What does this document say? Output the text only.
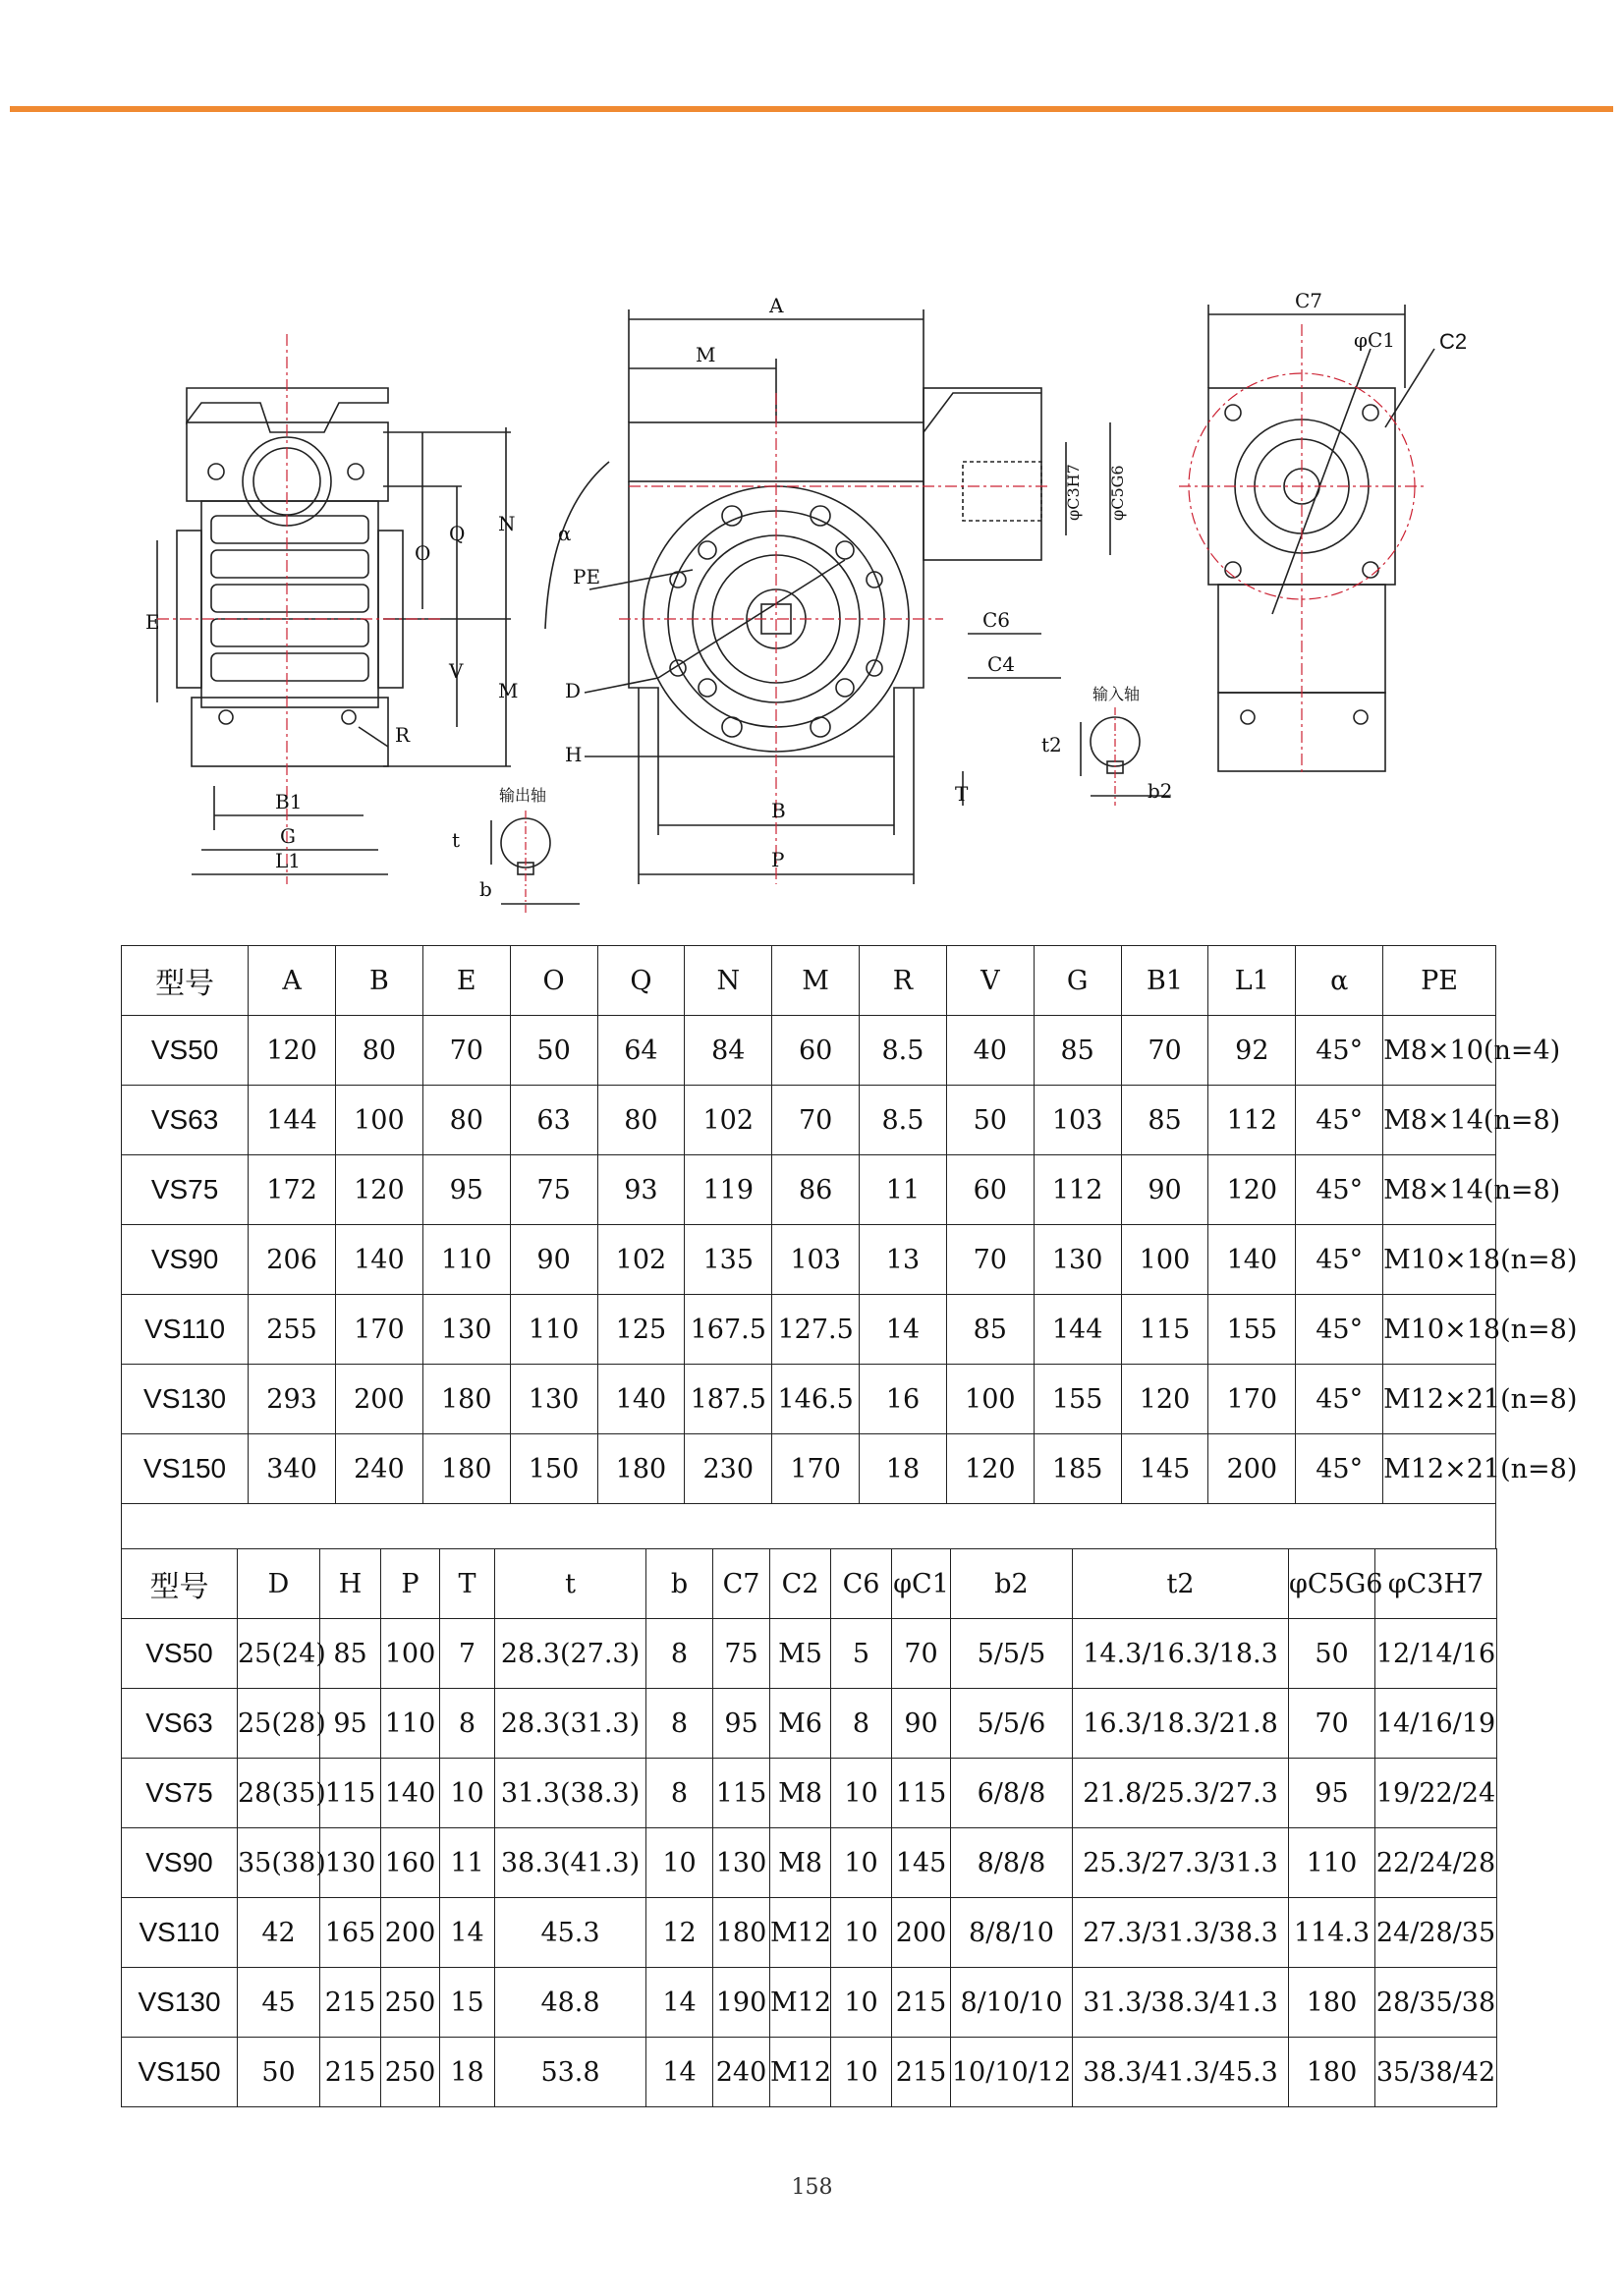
E
R
B1
G
L1
O
Q N
V
M
A
M
α
PE
D
H
B
P
T
C6
C4
φC3H7 φC5G6
C7
φC1 C2
输出轴
t
b
输入轴
t2
b2
型号	A	B	E	O	Q	N	M	R	V	G	B1	L1	α	PE
VS50	120	80	70	50	64	84	60	8.5	40	85	70	92	45°	M8×10(n=4)
VS63	144	100	80	63	80	102	70	8.5	50	103	85	112	45°	M8×14(n=8)
VS75	172	120	95	75	93	119	86	11	60	112	90	120	45°	M8×14(n=8)
VS90	206	140	110	90	102	135	103	13	70	130	100	140	45°	M10×18(n=8)
VS110	255	170	130	110	125	167.5	127.5	14	85	144	115	155	45°	M10×18(n=8)
VS130	293	200	180	130	140	187.5	146.5	16	100	155	120	170	45°	M12×21(n=8)
VS150	340	240	180	150	180	230	170	18	120	185	145	200	45°	M12×21(n=8)
型号	D	H	P	T	t	b	C7	C2	C6	φC1	b2	t2	φC5G6	φC3H7
VS50	25(24)	85	100	7	28.3(27.3)	8	75	M5	5	70	5/5/5	14.3/16.3/18.3	50	12/14/16
VS63	25(28)	95	110	8	28.3(31.3)	8	95	M6	8	90	5/5/6	16.3/18.3/21.8	70	14/16/19
VS75	28(35)	115	140	10	31.3(38.3)	8	115	M8	10	115	6/8/8	21.8/25.3/27.3	95	19/22/24
VS90	35(38)	130	160	11	38.3(41.3)	10	130	M8	10	145	8/8/8	25.3/27.3/31.3	110	22/24/28
VS110	42	165	200	14	45.3	12	180	M12	10	200	8/8/10	27.3/31.3/38.3	114.3	24/28/35
VS130	45	215	250	15	48.8	14	190	M12	10	215	8/10/10	31.3/38.3/41.3	180	28/35/38
VS150	50	215	250	18	53.8	14	240	M12	10	215	10/10/12	38.3/41.3/45.3	180	35/38/42
158
